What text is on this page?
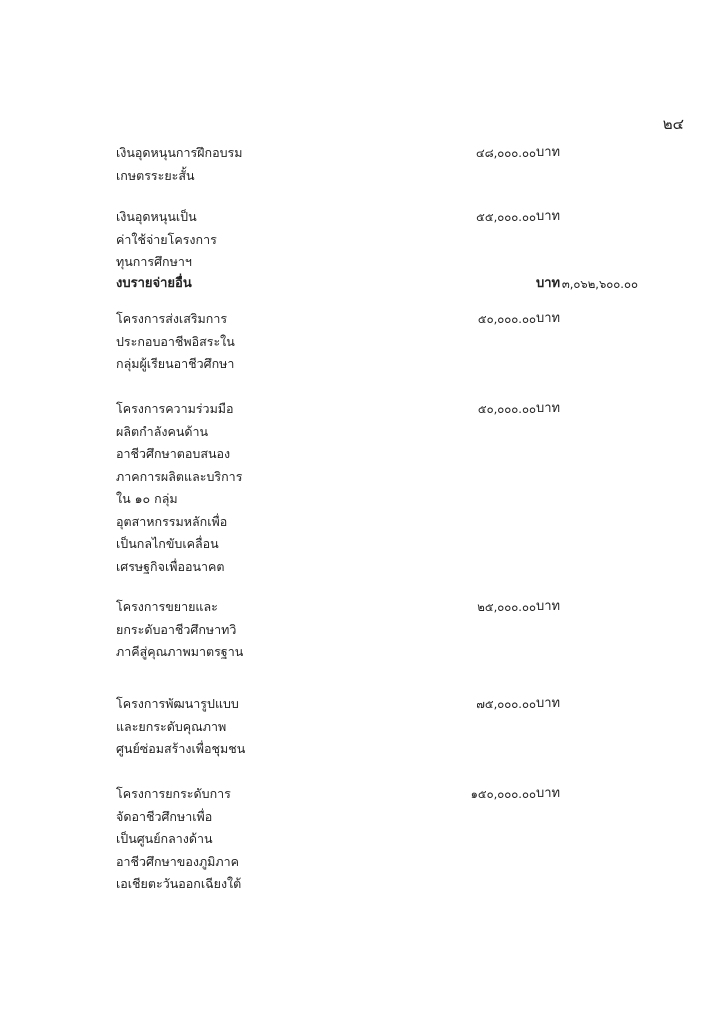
๒๔
เงินอุดหนุนการฝึกอบรม
เกษตรระยะสั้น
๔๘,๐๐๐.๐๐ บาท
เงินอุดหนุนเป็น
ค่าใช้จ่ายโครงการ
ทุนการศึกษาฯ
๕๕,๐๐๐.๐๐ บาท
งบรายจ่ายอื่น	๓,๐๖๒,๖๐๐.๐๐
บาท
โครงการส่งเสริมการ
ประกอบอาชีพอิสระใน
กลุ่มผู้เรียนอาชีวศึกษา
๕๐,๐๐๐.๐๐ บาท
โครงการความร่วมมือ
ผลิตกำลังคนด้าน
อาชีวศึกษาตอบสนอง
ภาคการผลิตและบริการ
ใน ๑๐ กลุ่ม
อุตสาหกรรมหลักเพื่อ
เป็นกลไกขับเคลื่อน
เศรษฐกิจเพื่ออนาคต
๕๐,๐๐๐.๐๐ บาท
โครงการขยายและ
ยกระดับอาชีวศึกษาทวิ
ภาคีสู่คุณภาพมาตรฐาน
๒๕,๐๐๐.๐๐ บาท
โครงการพัฒนารูปแบบ
และยกระดับคุณภาพ
ศูนย์ซ่อมสร้างเพื่อชุมชน
๗๕,๐๐๐.๐๐ บาท
โครงการยกระดับการ
จัดอาชีวศึกษาเพื่อ
เป็นศูนย์กลางด้าน
อาชีวศึกษาของภูมิภาค
เอเชียตะวันออกเฉียงใต้
๑๕๐,๐๐๐.๐๐ บาท
